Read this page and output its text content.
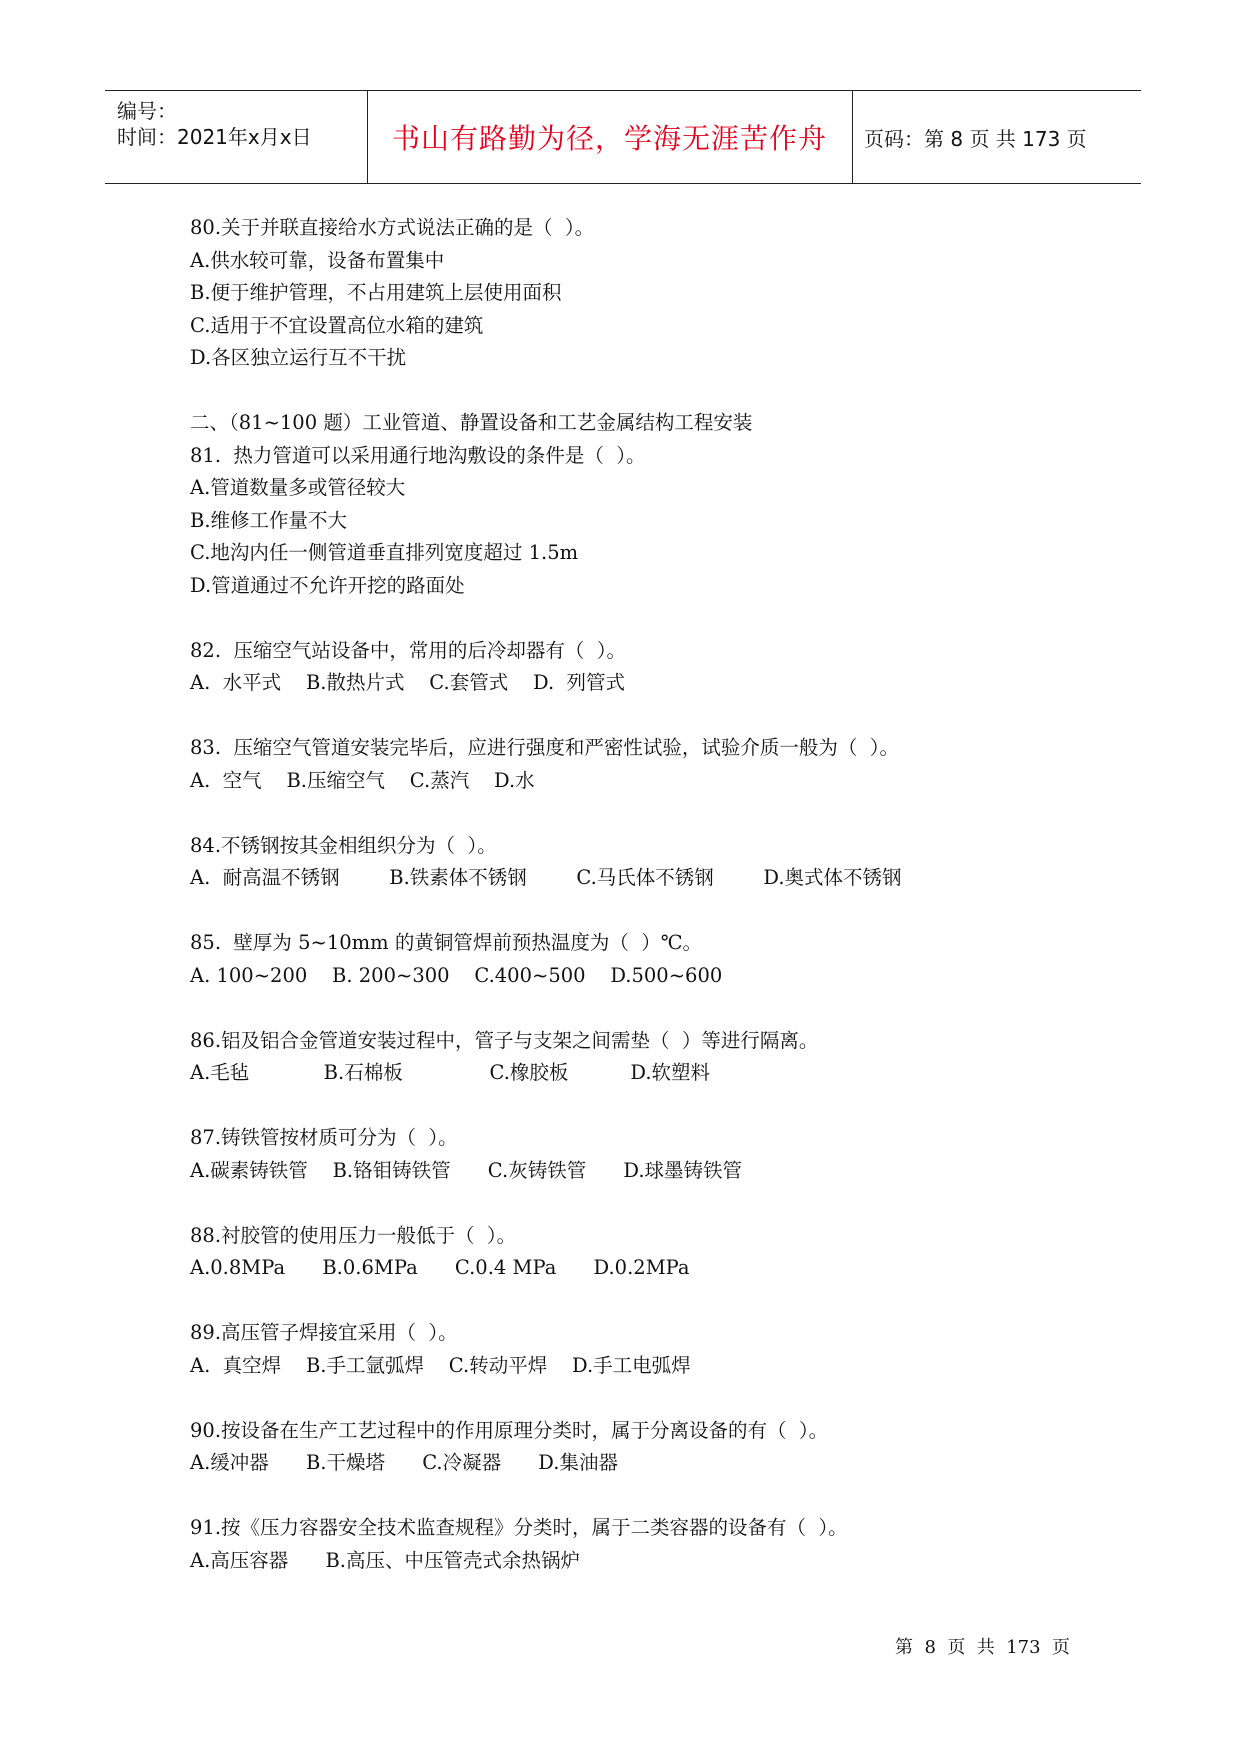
编号：
时间：2021年x月x日	书山有路勤为径，学海无涯苦作舟	页码：第 8 页 共 173 页

80.关于并联直接给水方式说法正确的是（  ）。

A.供水较可靠，设备布置集中

B.便于维护管理，不占用建筑上层使用面积

C.适用于不宜设置高位水箱的建筑

D.各区独立运行互不干扰

二、（81~100 题）工业管道、静置设备和工艺金属结构工程安装

81.  热力管道可以采用通行地沟敷设的条件是（  ）。

A.管道数量多或管径较大

B.维修工作量不大

C.地沟内任一侧管道垂直排列宽度超过 1.5m

D.管道通过不允许开挖的路面处

82.  压缩空气站设备中，常用的后冷却器有（  ）。

A.  水平式    B.散热片式    C.套管式    D.  列管式

83.  压缩空气管道安装完毕后，应进行强度和严密性试验，试验介质一般为（  ）。

A.  空气    B.压缩空气    C.蒸汽    D.水

84.不锈钢按其金相组织分为（  ）。

A.  耐高温不锈钢        B.铁素体不锈钢        C.马氏体不锈钢        D.奥式体不锈钢

85.  壁厚为 5~10mm 的黄铜管焊前预热温度为（  ）℃。

A. 100~200    B. 200~300    C.400~500    D.500~600

86.铝及铝合金管道安装过程中，管子与支架之间需垫（  ）等进行隔离。

A.毛毡            B.石棉板              C.橡胶板          D.软塑料

87.铸铁管按材质可分为（  ）。

A.碳素铸铁管    B.铬钼铸铁管      C.灰铸铁管      D.球墨铸铁管

88.衬胶管的使用压力一般低于（  ）。

A.0.8MPa      B.0.6MPa      C.0.4 MPa      D.0.2MPa

89.高压管子焊接宜采用（  ）。

A.  真空焊    B.手工氩弧焊    C.转动平焊    D.手工电弧焊

90.按设备在生产工艺过程中的作用原理分类时，属于分离设备的有（  ）。

A.缓冲器      B.干燥塔      C.冷凝器      D.集油器

91.按《压力容器安全技术监查规程》分类时，属于二类容器的设备有（  ）。

A.高压容器      B.高压、中压管壳式余热锅炉

第  8  页  共  173  页
